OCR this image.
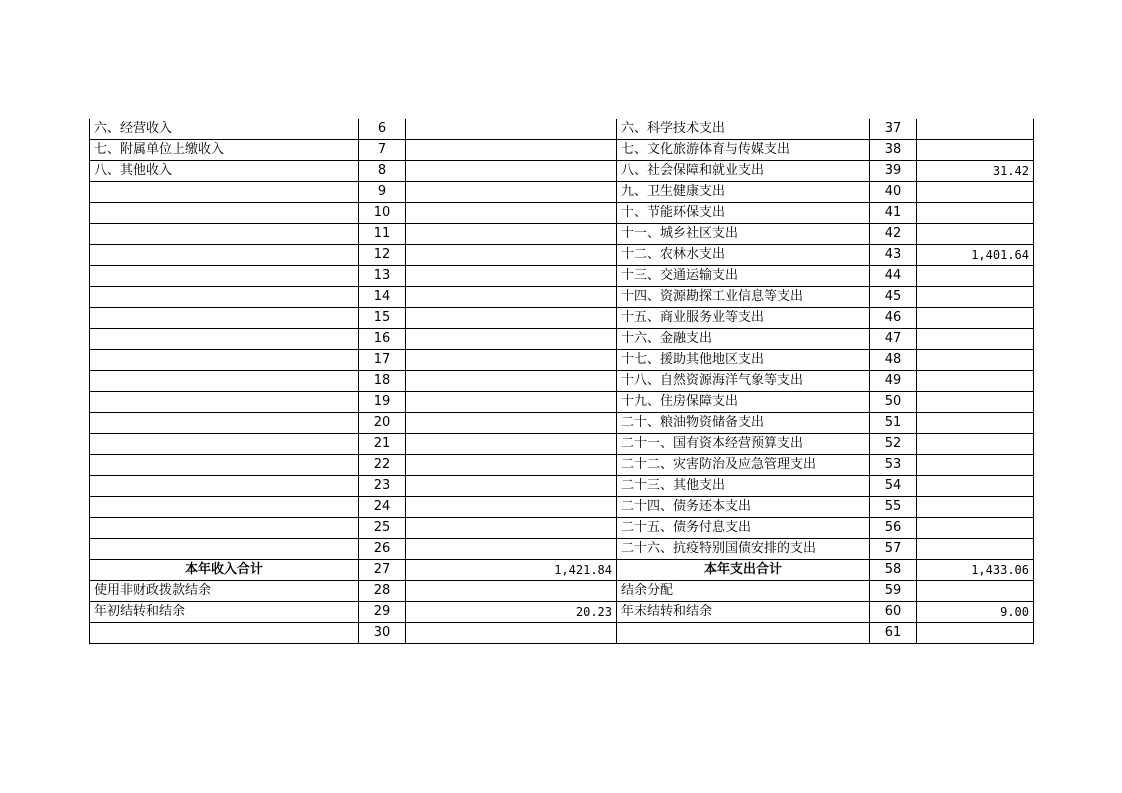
六、经营收入	6		六、科学技术支出	37	
七、附属单位上缴收入	7		七、文化旅游体育与传媒支出	38	
八、其他收入	8		八、社会保障和就业支出	39	31.42
	9		九、卫生健康支出	40	
	10		十、节能环保支出	41	
	11		十一、城乡社区支出	42	
	12		十二、农林水支出	43	1,401.64
	13		十三、交通运输支出	44	
	14		十四、资源勘探工业信息等支出	45	
	15		十五、商业服务业等支出	46	
	16		十六、金融支出	47	
	17		十七、援助其他地区支出	48	
	18		十八、自然资源海洋气象等支出	49	
	19		十九、住房保障支出	50	
	20		二十、粮油物资储备支出	51	
	21		二十一、国有资本经营预算支出	52	
	22		二十二、灾害防治及应急管理支出	53	
	23		二十三、其他支出	54	
	24		二十四、债务还本支出	55	
	25		二十五、债务付息支出	56	
	26		二十六、抗疫特别国债安排的支出	57	
本年收入合计	27	1,421.84	本年支出合计	58	1,433.06
使用非财政拨款结余	28		结余分配	59	
年初结转和结余	29	20.23	年末结转和结余	60	9.00
	30			61	
